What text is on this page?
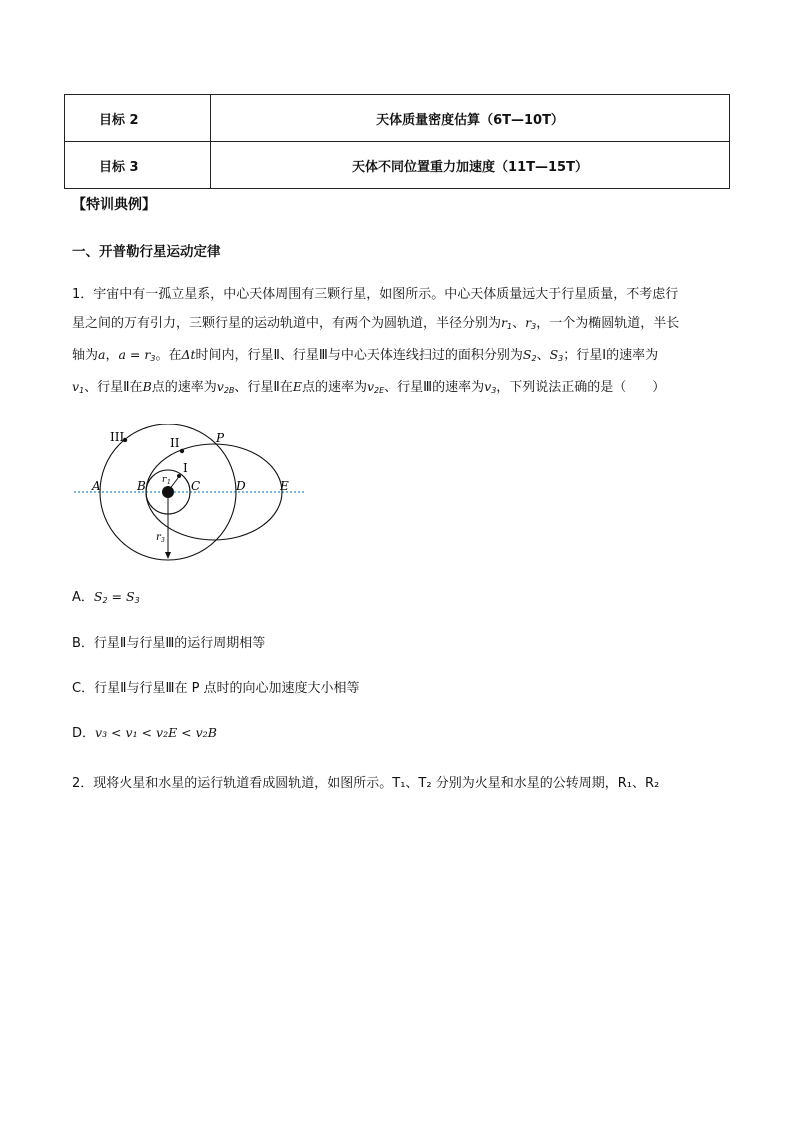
目标 2	天体质量密度估算（6T—10T）
目标 3	天体不同位置重力加速度（11T—15T）
【特训典例】
一、开普勒行星运动定律
1．宇宙中有一孤立星系，中心天体周围有三颗行星，如图所示。中心天体质量远大于行星质量，不考虑行
星之间的万有引力，三颗行星的运动轨道中，有两个为圆轨道，半径分别为$r_1$、$r_3$，一个为椭圆轨道，半长
轴为a，$a = r_3$。在Δt时间内，行星Ⅱ、行星Ⅲ与中心天体连线扫过的面积分别为$S_2$、$S_3$；行星Ⅰ的速率为
$v_1$、行星Ⅱ在B点的速率为$v_{2B}$、行星Ⅱ在E点的速率为$v_{2E}$、行星Ⅲ的速率为$v_3$，下列说法正确的是（　　）
III	II	P
I
A	B	C	D	E
r 1
r 3
A．$S_2 = S_3$
B．行星Ⅱ与行星Ⅲ的运行周期相等
C．行星Ⅱ与行星Ⅲ在 P 点时的向心加速度大小相等
D．v₃ < v₁ < v₂E < v₂B
2．现将火星和水星的运行轨道看成圆轨道，如图所示。T₁、T₂ 分别为火星和水星的公转周期，R₁、R₂
